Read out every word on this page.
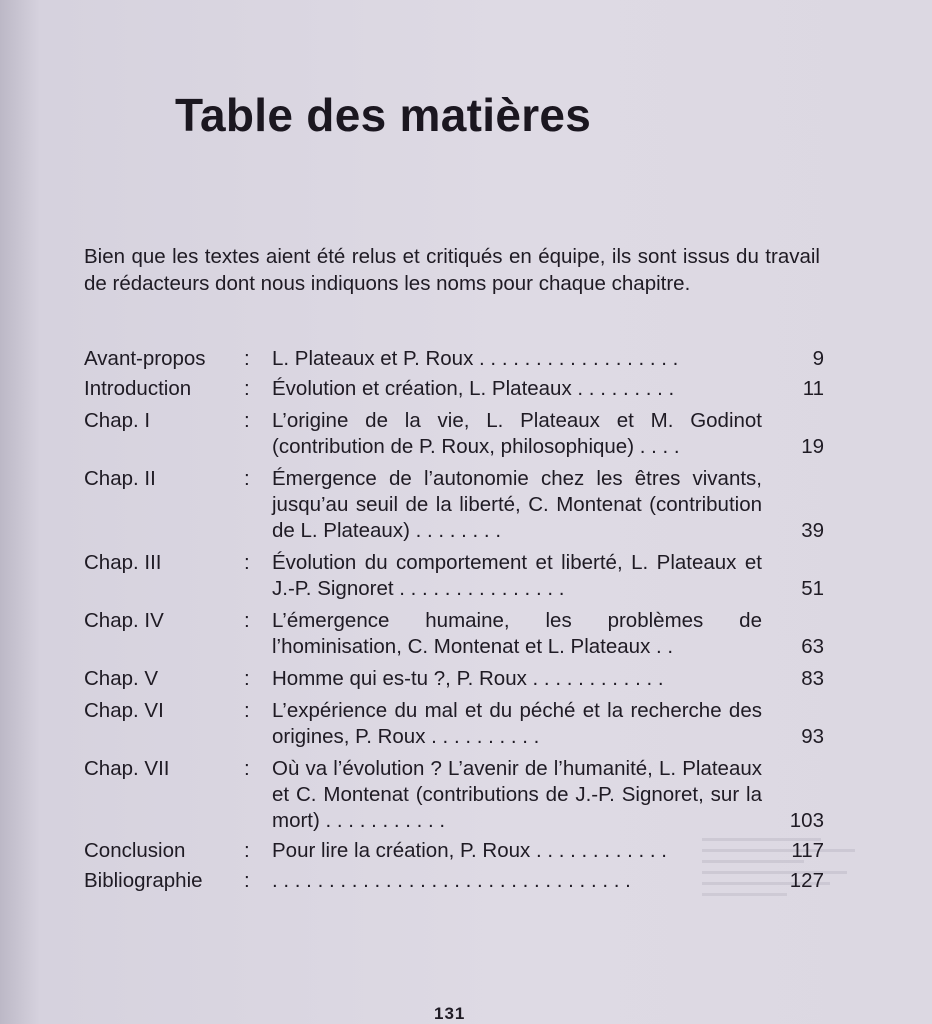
Table des matières

Bien que les textes aient été relus et critiqués en équipe, ils sont issus du travail de rédacteurs dont nous indiquons les noms pour chaque chapitre.

Avant-propos	:	L. Plateaux et P. Roux . . . . . . . . . . . . . . . . . .	9
Introduction	:	Évolution et création, L. Plateaux . . . . . . . . .	11
Chap. I	:	L’origine de la vie, L. Plateaux et M. Godinot (contribution de P. Roux, philosophique) . . . .	19
Chap. II	:	Émergence de l’autonomie chez les êtres vivants, jusqu’au seuil de la liberté, C. Montenat (contribution de L. Plateaux) . . . . . . . .	39
Chap. III	:	Évolution du comportement et liberté, L. Plateaux et J.-P. Signoret . . . . . . . . . . . . . . .	51
Chap. IV	:	L’émergence humaine, les problèmes de l’hominisation, C. Montenat et L. Plateaux . .	63
Chap. V	:	Homme qui es-tu ?, P. Roux . . . . . . . . . . . .	83
Chap. VI	:	L’expérience du mal et du péché et la recherche des origines, P. Roux . . . . . . . . . .	93
Chap. VII	:	Où va l’évolution ? L’avenir de l’humanité, L. Plateaux et C. Montenat (contributions de J.-P. Signoret, sur la mort) . . . . . . . . . . .	103
Conclusion	:	Pour lire la création, P. Roux . . . . . . . . . . . .	117
Bibliographie	:	. . . . . . . . . . . . . . . . . . . . . . . . . . . . . . . .	127
131
